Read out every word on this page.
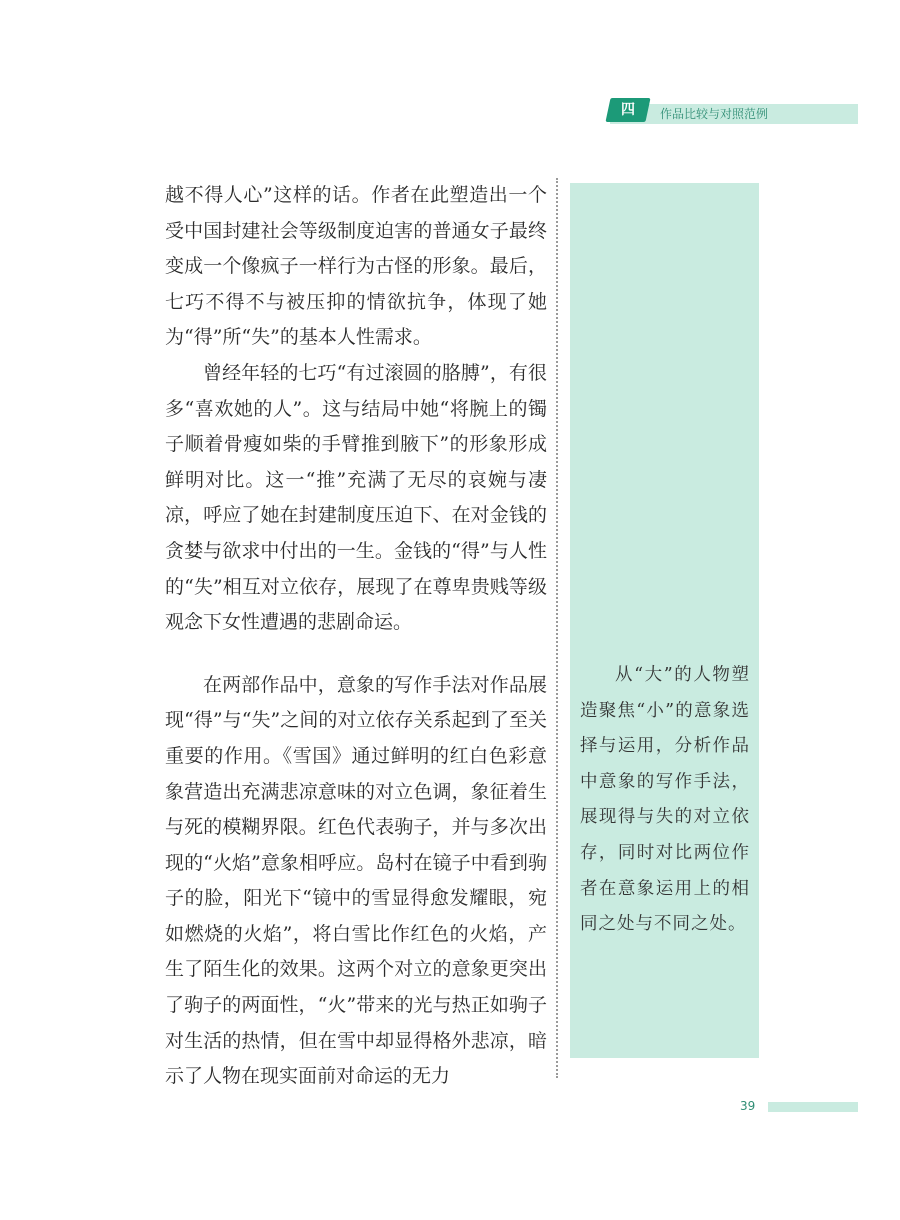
四	作品比较与对照范例

越不得人心”这样的话。作者在此塑造出一个受中国封建社会等级制度迫害的普通女子最终变成一个像疯子一样行为古怪的形象。最后，七巧不得不与被压抑的情欲抗争，体现了她为“得”所“失”的基本人性需求。

曾经年轻的七巧“有过滚圆的胳膊”，有很多“喜欢她的人”。这与结局中她“将腕上的镯子顺着骨瘦如柴的手臂推到腋下”的形象形成鲜明对比。这一“推”充满了无尽的哀婉与凄凉，呼应了她在封建制度压迫下、在对金钱的贪婪与欲求中付出的一生。金钱的“得”与人性的“失”相互对立依存，展现了在尊卑贵贱等级观念下女性遭遇的悲剧命运。

在两部作品中，意象的写作手法对作品展现“得”与“失”之间的对立依存关系起到了至关重要的作用。《雪国》通过鲜明的红白色彩意象营造出充满悲凉意味的对立色调，象征着生与死的模糊界限。红色代表驹子，并与多次出现的“火焰”意象相呼应。岛村在镜子中看到驹子的脸，阳光下“镜中的雪显得愈发耀眼，宛如燃烧的火焰”，将白雪比作红色的火焰，产生了陌生化的效果。这两个对立的意象更突出了驹子的两面性，“火”带来的光与热正如驹子对生活的热情，但在雪中却显得格外悲凉，暗示了人物在现实面前对命运的无力

从“大”的人物塑造聚焦“小”的意象选择与运用，分析作品中意象的写作手法，展现得与失的对立依存，同时对比两位作者在意象运用上的相同之处与不同之处。
39
